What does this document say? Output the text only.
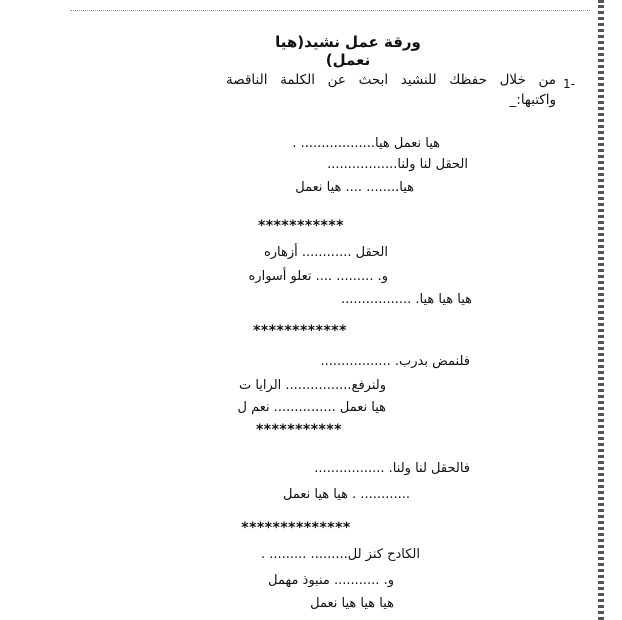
ورقة عمل نشيد(هيا نعمل)
1-
من خلال حفظك للنشيد ابحث عن الكلمة الناقصة
واكتبها:_
هيا نعمل هيا.................. .
الحقل لنا ولنا.................
هيا........ .... هيا نعمل
***********
الحقل ............ أزهاره
و. ......... .... تعلو أسواره
هيا هيا هيا. .................
************
فلنمض بدرب. .................
ولنرفع................ الرايا ت
هيا نعمل ............... نعم ل
***********
فالحقل لنا ولنا. .................
............ . هيا هيا نعمل
**************
الكادح كنز لل......... ......... .
و. ........... منبوذ مهمل
هيا هيا هيا نعمل
